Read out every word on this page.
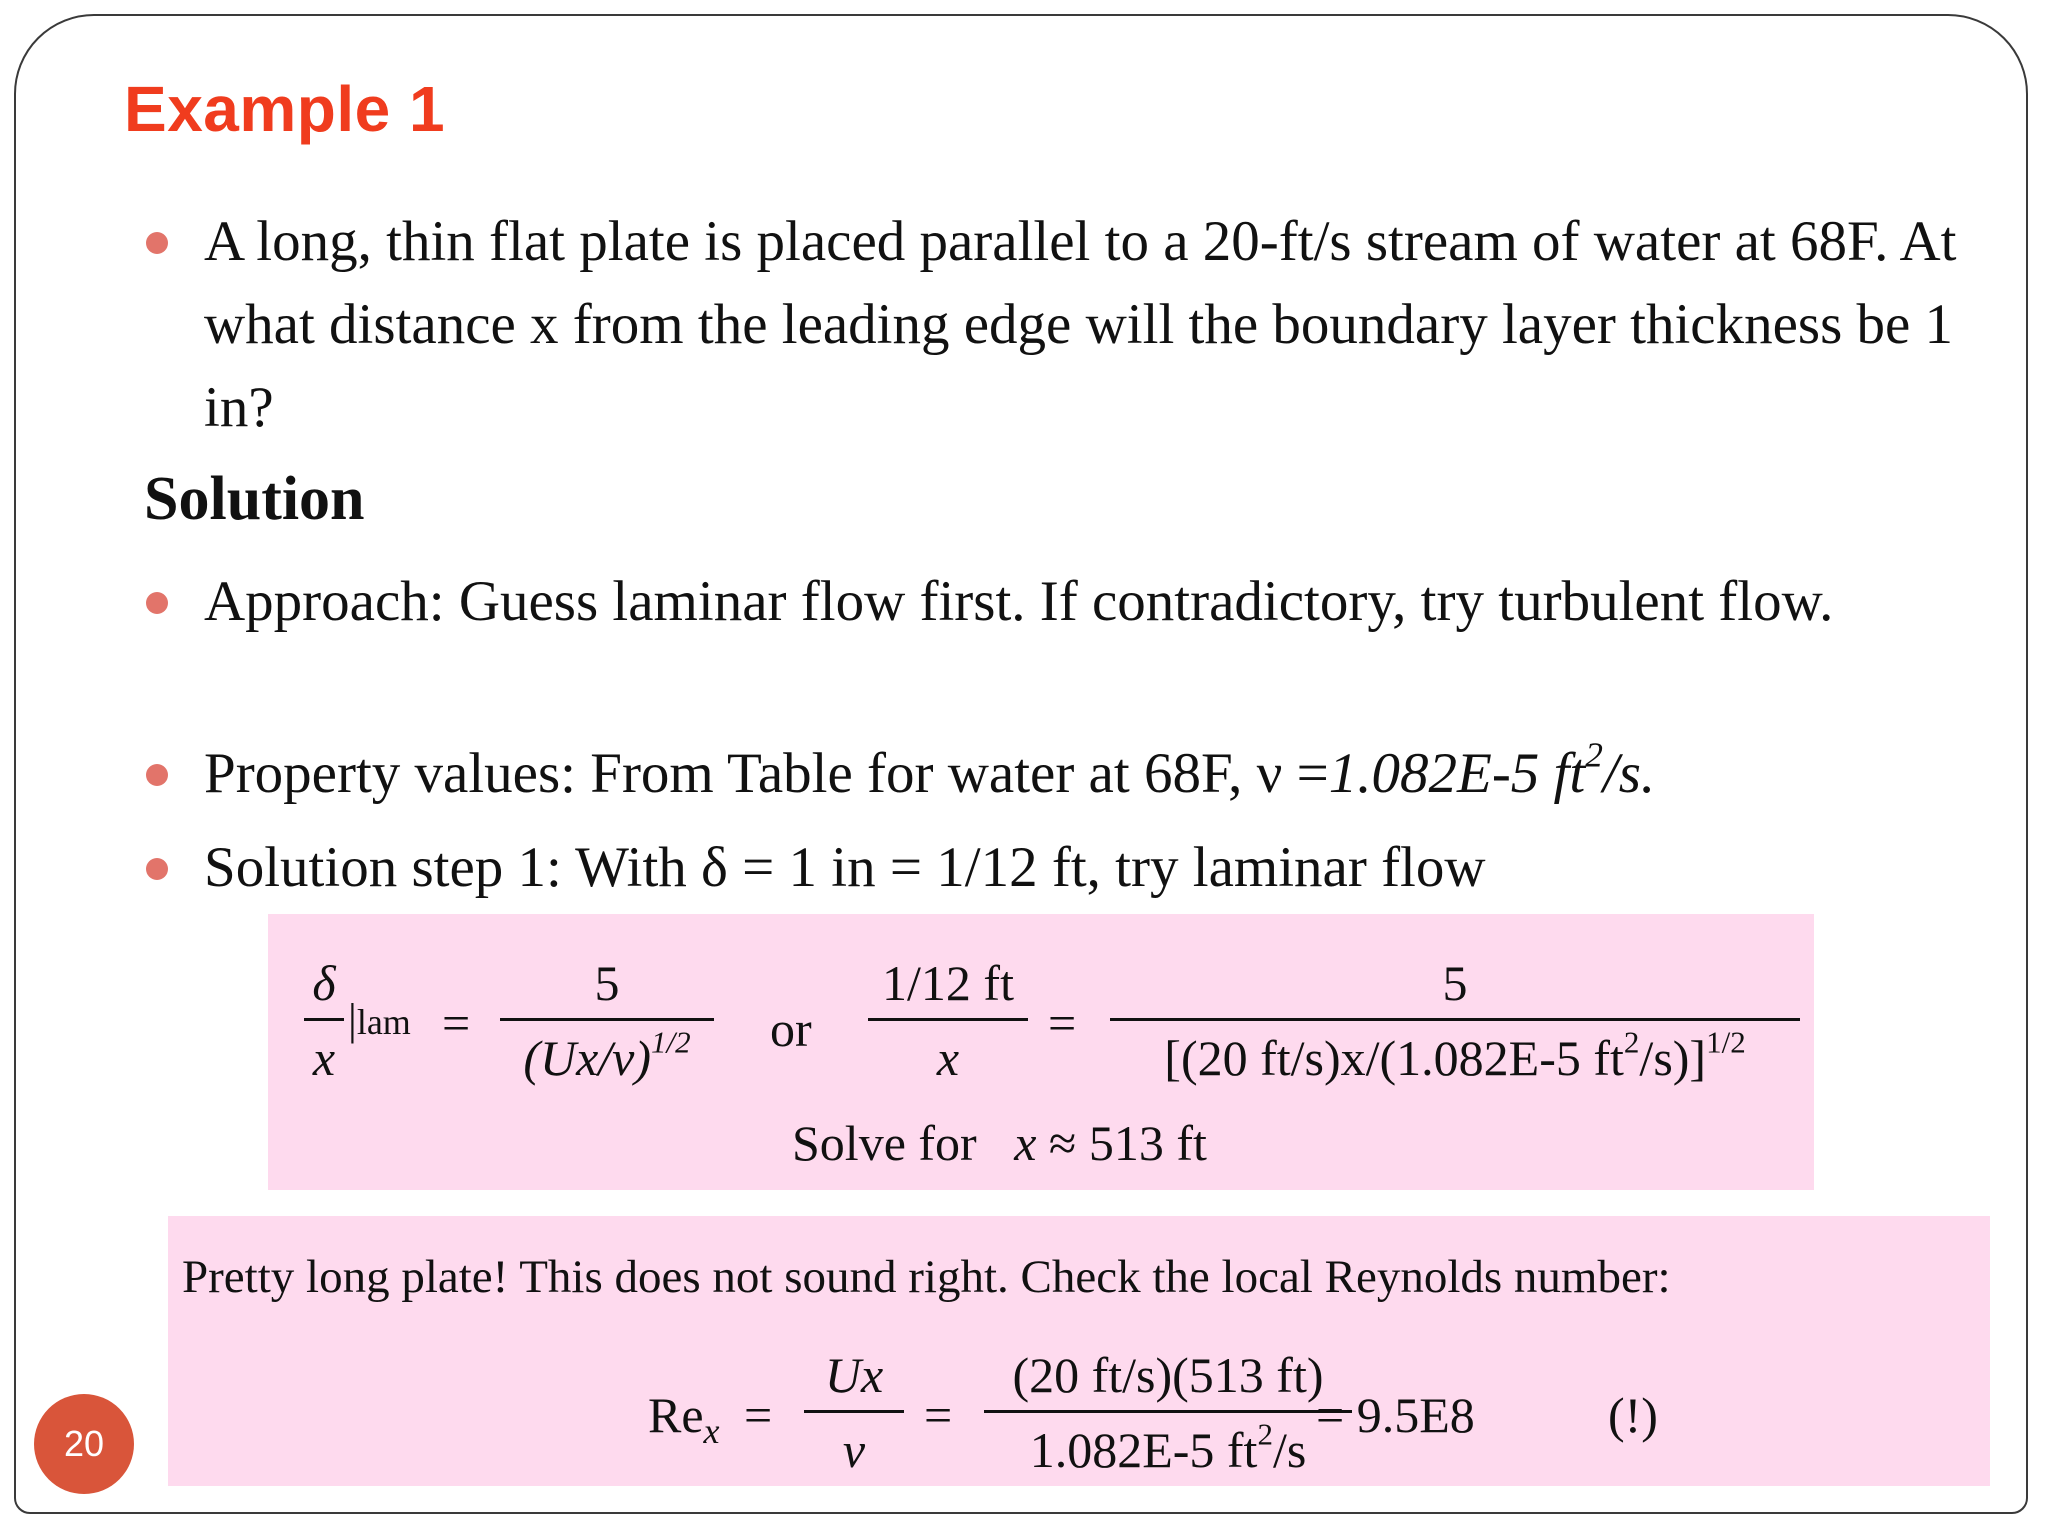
Example 1
A long, thin flat plate is placed parallel to a 20-ft/s stream of water at 68F. At what distance x from the leading edge will the boundary layer thickness be 1 in?
Solution
Approach: Guess laminar flow first. If contradictory, try turbulent flow.
Property values: From Table for water at 68F, ν =1.082E-5 $ft^2/s$.
Solution step 1: With δ = 1 in = 1/12 ft, try laminar flow
δ
x
|lam =
5
$(Ux/\nu)^{1/2}$	or
1/12 ft
x
=
5
[(20 ft/s)x/(1.082E-5 $ft^2/s)]^{1/2}$
Solve for x ≈ 513 ft
Pretty long plate! This does not sound right. Check the local Reynolds number:
$Re_x$ =
Ux
ν
=
(20 ft/s)(513 ft)
1.082E-5 $ft^2/s$
= 9.5E8	(!)
20
